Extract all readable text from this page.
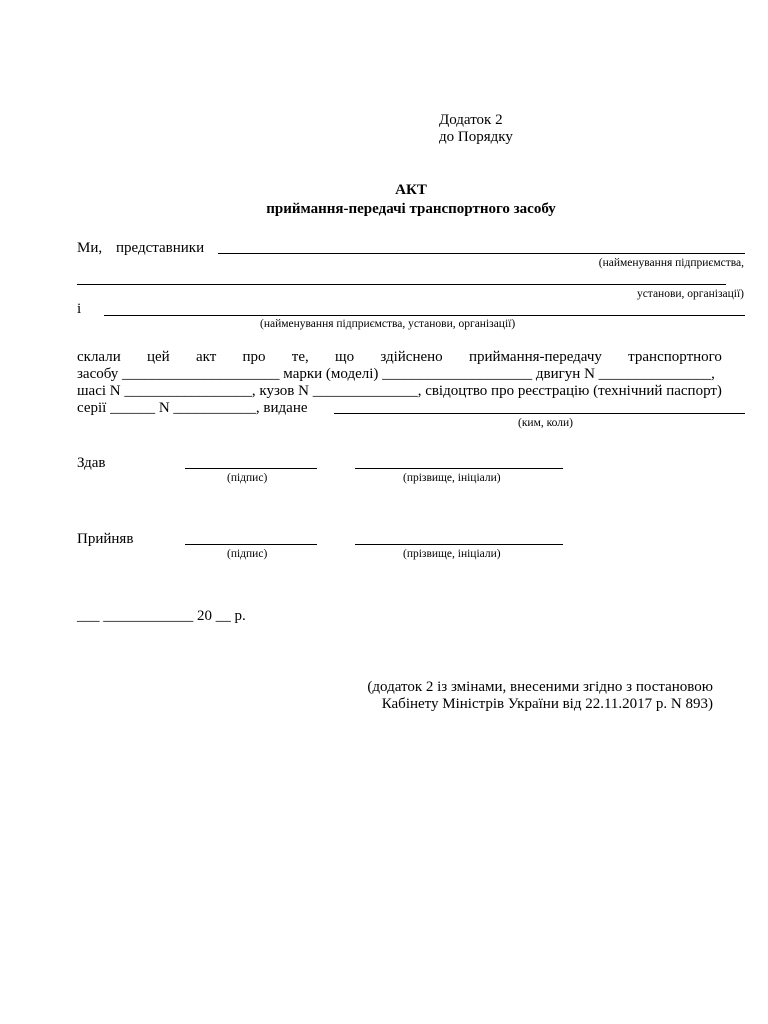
Додаток 2
до Порядку
АКТ
приймання-передачі транспортного засобу
Ми, представники
(найменування підприємства,
установи, організації)
і
(найменування підприємства, установи, організації)
склали цей акт про те, що здійснено приймання-передачу транспортного
засобу _____________________ марки (моделі) ____________________ двигун N _______________,
шасі N _________________, кузов N ______________, свідоцтво про реєстрацію (технічний паспорт)
серії ______ N ___________, видане
(ким, коли)
Здав
(підпис)	(прізвище, ініціали)
Прийняв
(підпис)	(прізвище, ініціали)
___ ____________ 20 __ р.
(додаток 2 із змінами, внесеними згідно з постановою
Кабінету Міністрів України від 22.11.2017 р. N 893)
